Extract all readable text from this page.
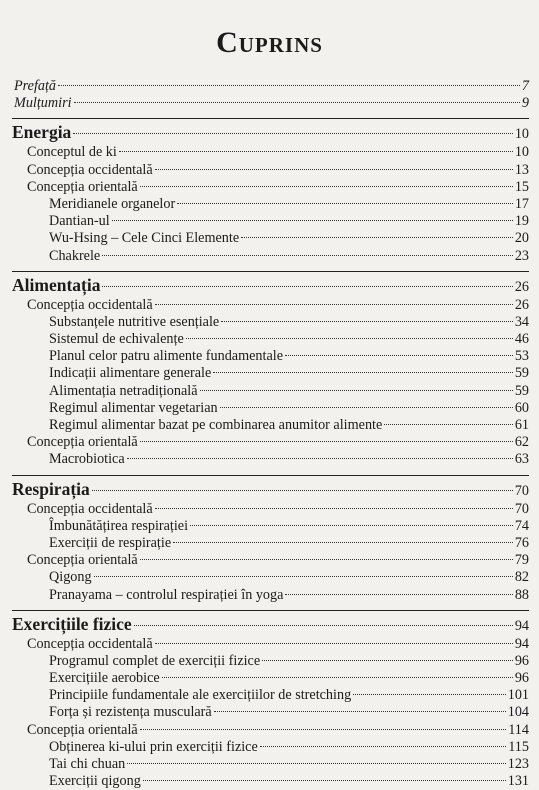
Cuprins
Prefață	7
Mulțumiri	9
Energia	10
Conceptul de ki	10
Concepția occidentală	13
Concepția orientală	15
Meridianele organelor	17
Dantian-ul	19
Wu-Hsing – Cele Cinci Elemente	20
Chakrele	23
Alimentația	26
Concepția occidentală	26
Substanțele nutritive esențiale	34
Sistemul de echivalențe	46
Planul celor patru alimente fundamentale	53
Indicații alimentare generale	59
Alimentația netradițională	59
Regimul alimentar vegetarian	60
Regimul alimentar bazat pe combinarea anumitor alimente	61
Concepția orientală	62
Macrobiotica	63
Respirația	70
Concepția occidentală	70
Îmbunătățirea respirației	74
Exerciții de respirație	76
Concepția orientală	79
Qigong	82
Pranayama – controlul respirației în yoga	88
Exercițiile fizice	94
Concepția occidentală	94
Programul complet de exerciții fizice	96
Exercițiile aerobice	96
Principiile fundamentale ale exercițiilor de stretching	101
Forța și rezistența musculară	104
Concepția orientală	114
Obținerea ki-ului prin exerciții fizice	115
Tai chi chuan	123
Exerciții qigong	131
